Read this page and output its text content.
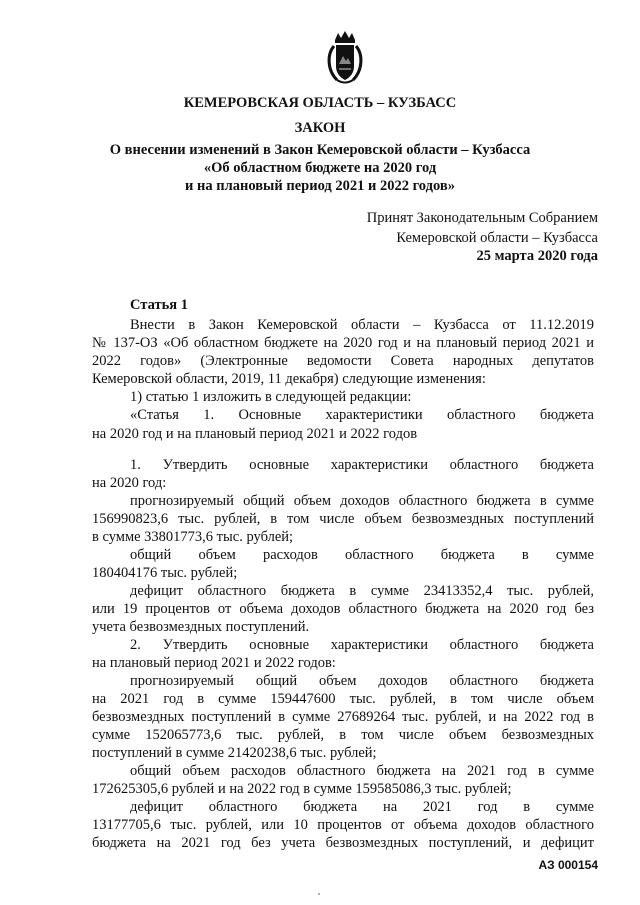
КЕМЕРОВСКАЯ ОБЛАСТЬ – КУЗБАСС
ЗАКОН
О внесении изменений в Закон Кемеровской области – Кузбасса
«Об областном бюджете на 2020 год
и на плановый период 2021 и 2022 годов»
Принят Законодательным Собранием
Кемеровской области – Кузбасса
25 марта 2020 года
Статья 1
Внести в Закон Кемеровской области – Кузбасса от 11.12.2019
№ 137-ОЗ «Об областном бюджете на 2020 год и на плановый период 2021 и
2022 годов» (Электронные ведомости Совета народных депутатов
Кемеровской области, 2019, 11 декабря) следующие изменения:
1) статью 1 изложить в следующей редакции:
«Статья 1. Основные характеристики областного бюджета
на 2020 год и на плановый период 2021 и 2022 годов
1. Утвердить основные характеристики областного бюджета
на 2020 год:
прогнозируемый общий объем доходов областного бюджета в сумме
156990823,6 тыс. рублей, в том числе объем безвозмездных поступлений
в сумме 33801773,6 тыс. рублей;
общий объем расходов областного бюджета в сумме
180404176 тыс. рублей;
дефицит областного бюджета в сумме 23413352,4 тыс. рублей,
или 19 процентов от объема доходов областного бюджета на 2020 год без
учета безвозмездных поступлений.
2. Утвердить основные характеристики областного бюджета
на плановый период 2021 и 2022 годов:
прогнозируемый общий объем доходов областного бюджета
на 2021 год в сумме 159447600 тыс. рублей, в том числе объем
безвозмездных поступлений в сумме 27689264 тыс. рублей, и на 2022 год в
сумме 152065773,6 тыс. рублей, в том числе объем безвозмездных
поступлений в сумме 21420238,6 тыс. рублей;
общий объем расходов областного бюджета на 2021 год в сумме
172625305,6 рублей и на 2022 год в сумме 159585086,3 тыс. рублей;
дефицит областного бюджета на 2021 год в сумме
13177705,6 тыс. рублей, или 10 процентов от объема доходов областного
бюджета на 2021 год без учета безвозмездных поступлений, и дефицит
АЗ 000154
